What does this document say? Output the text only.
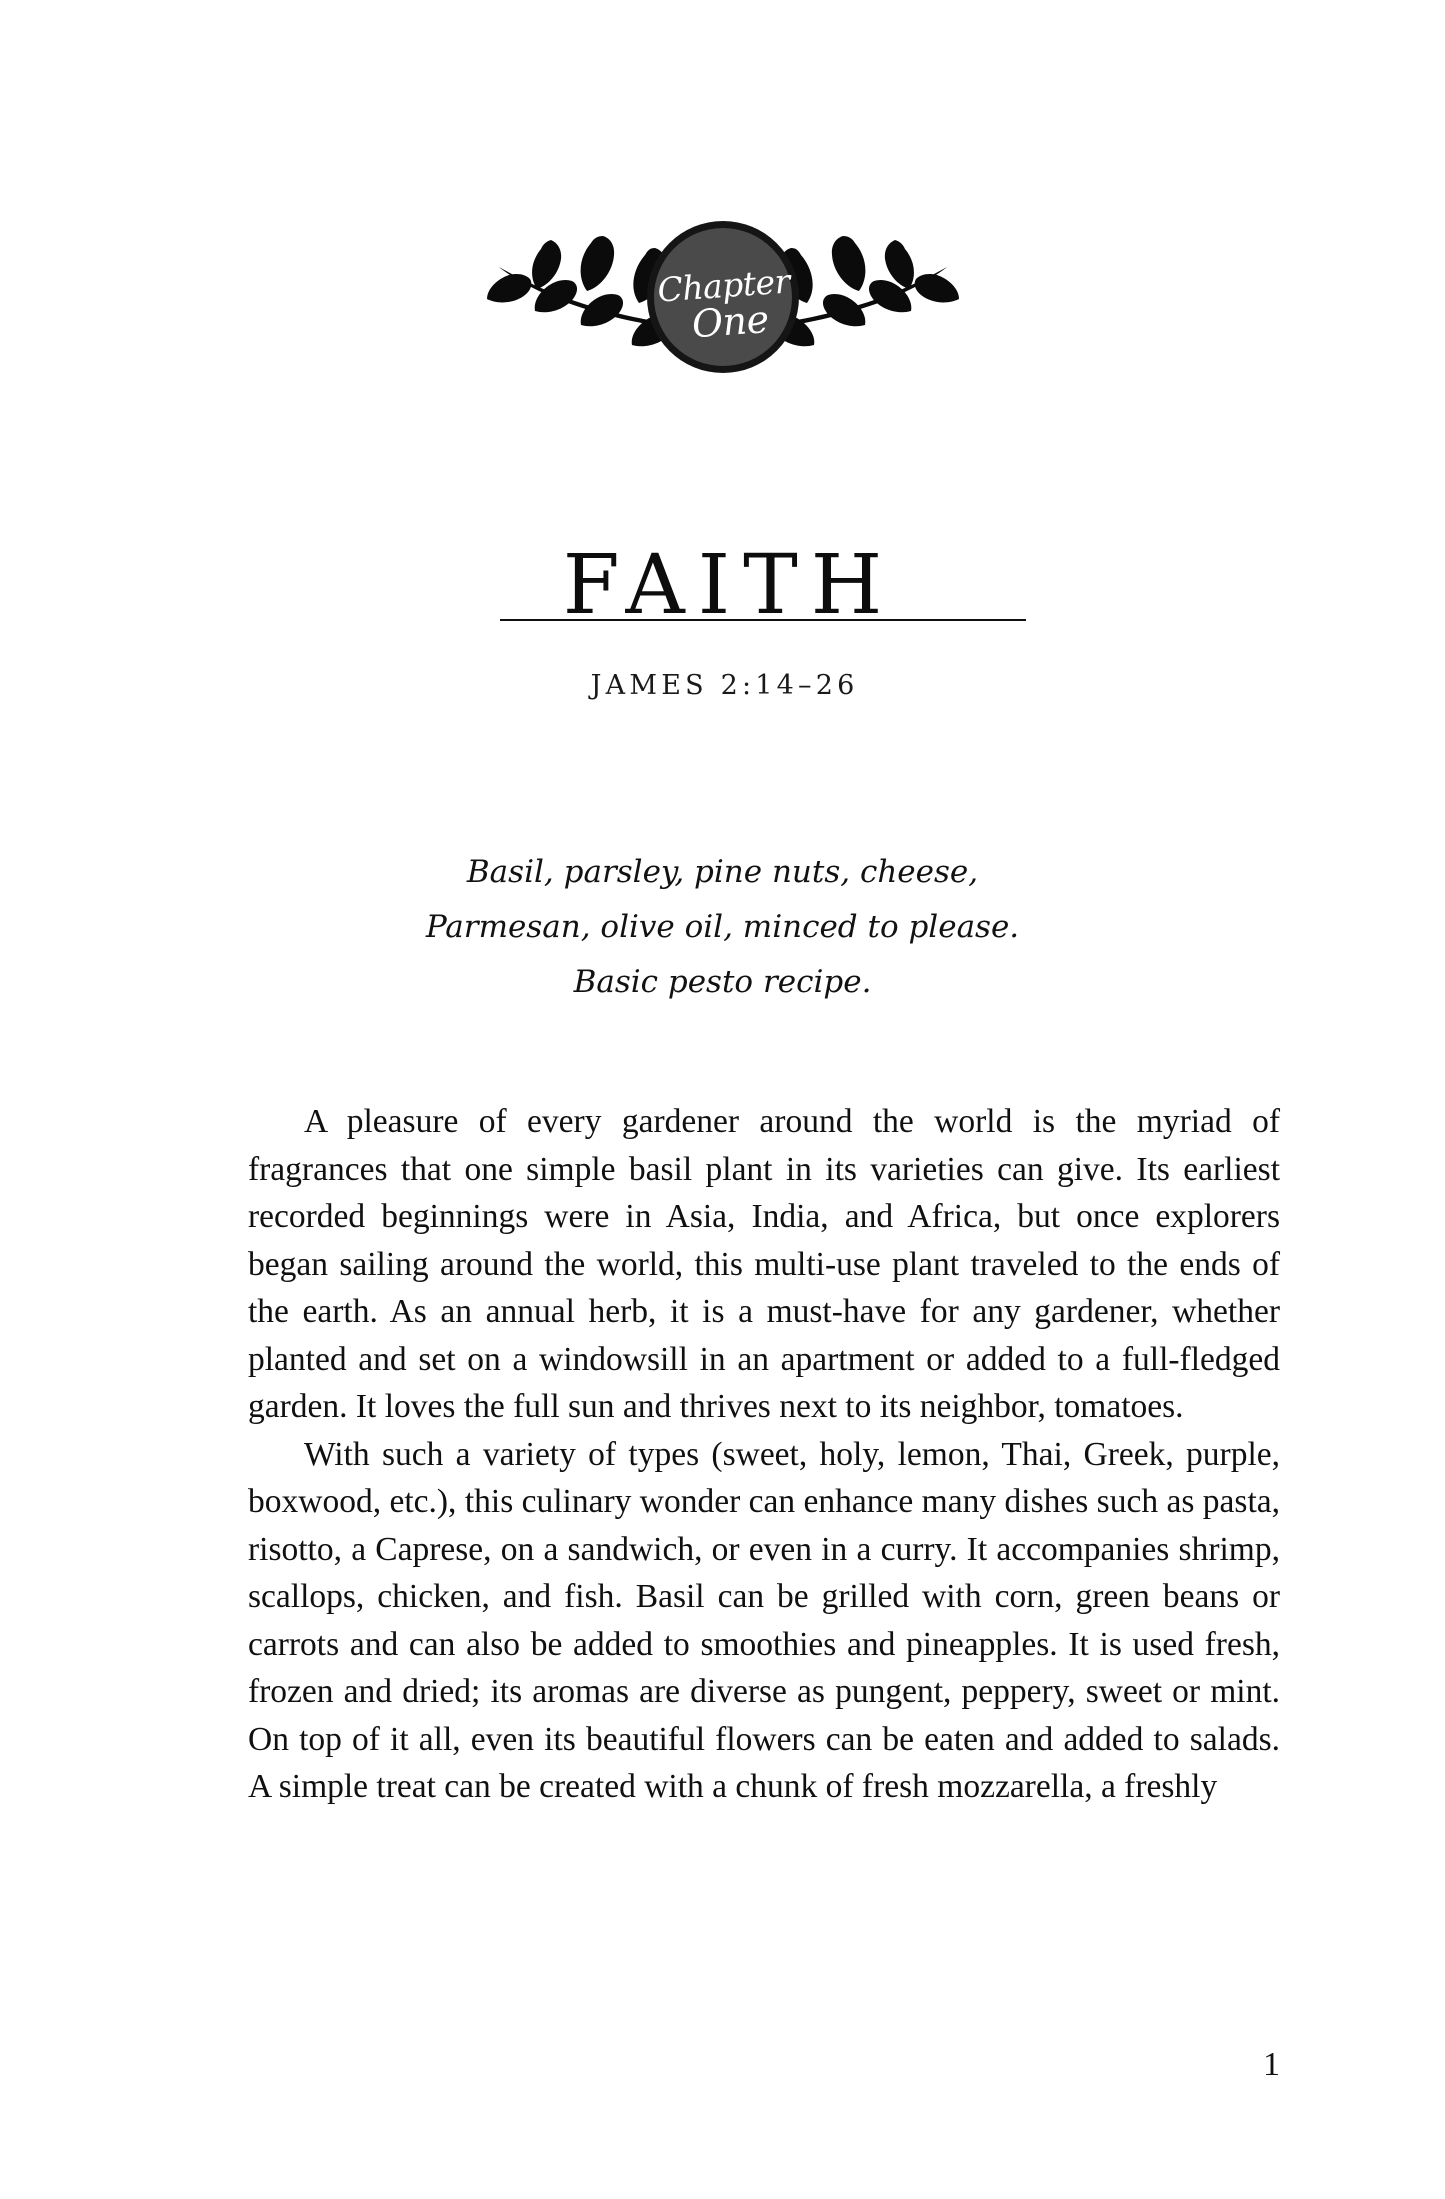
Chapter
One
FAITH
JAMES 2:14–26
Basil, parsley, pine nuts, cheese,
Parmesan, olive oil, minced to please.
Basic pesto recipe.

A pleasure of every gardener around the world is the myriad of fragrances that one simple basil plant in its varieties can give. Its earliest recorded beginnings were in Asia, India, and Africa, but once explorers began sailing around the world, this multi-use plant traveled to the ends of the earth. As an annual herb, it is a must-have for any gardener, whether planted and set on a windowsill in an apartment or added to a full-fledged garden. It loves the full sun and thrives next to its neighbor, tomatoes.

With such a variety of types (sweet, holy, lemon, Thai, Greek, purple, boxwood, etc.), this culinary wonder can enhance many dishes such as pasta, risotto, a Caprese, on a sandwich, or even in a curry. It accompanies shrimp, scallops, chicken, and fish. Basil can be grilled with corn, green beans or carrots and can also be added to smoothies and pineapples. It is used fresh, frozen and dried; its aromas are diverse as pungent, peppery, sweet or mint. On top of it all, even its beautiful flowers can be eaten and added to salads. A simple treat can be created with a chunk of fresh mozzarella, a freshly

1
